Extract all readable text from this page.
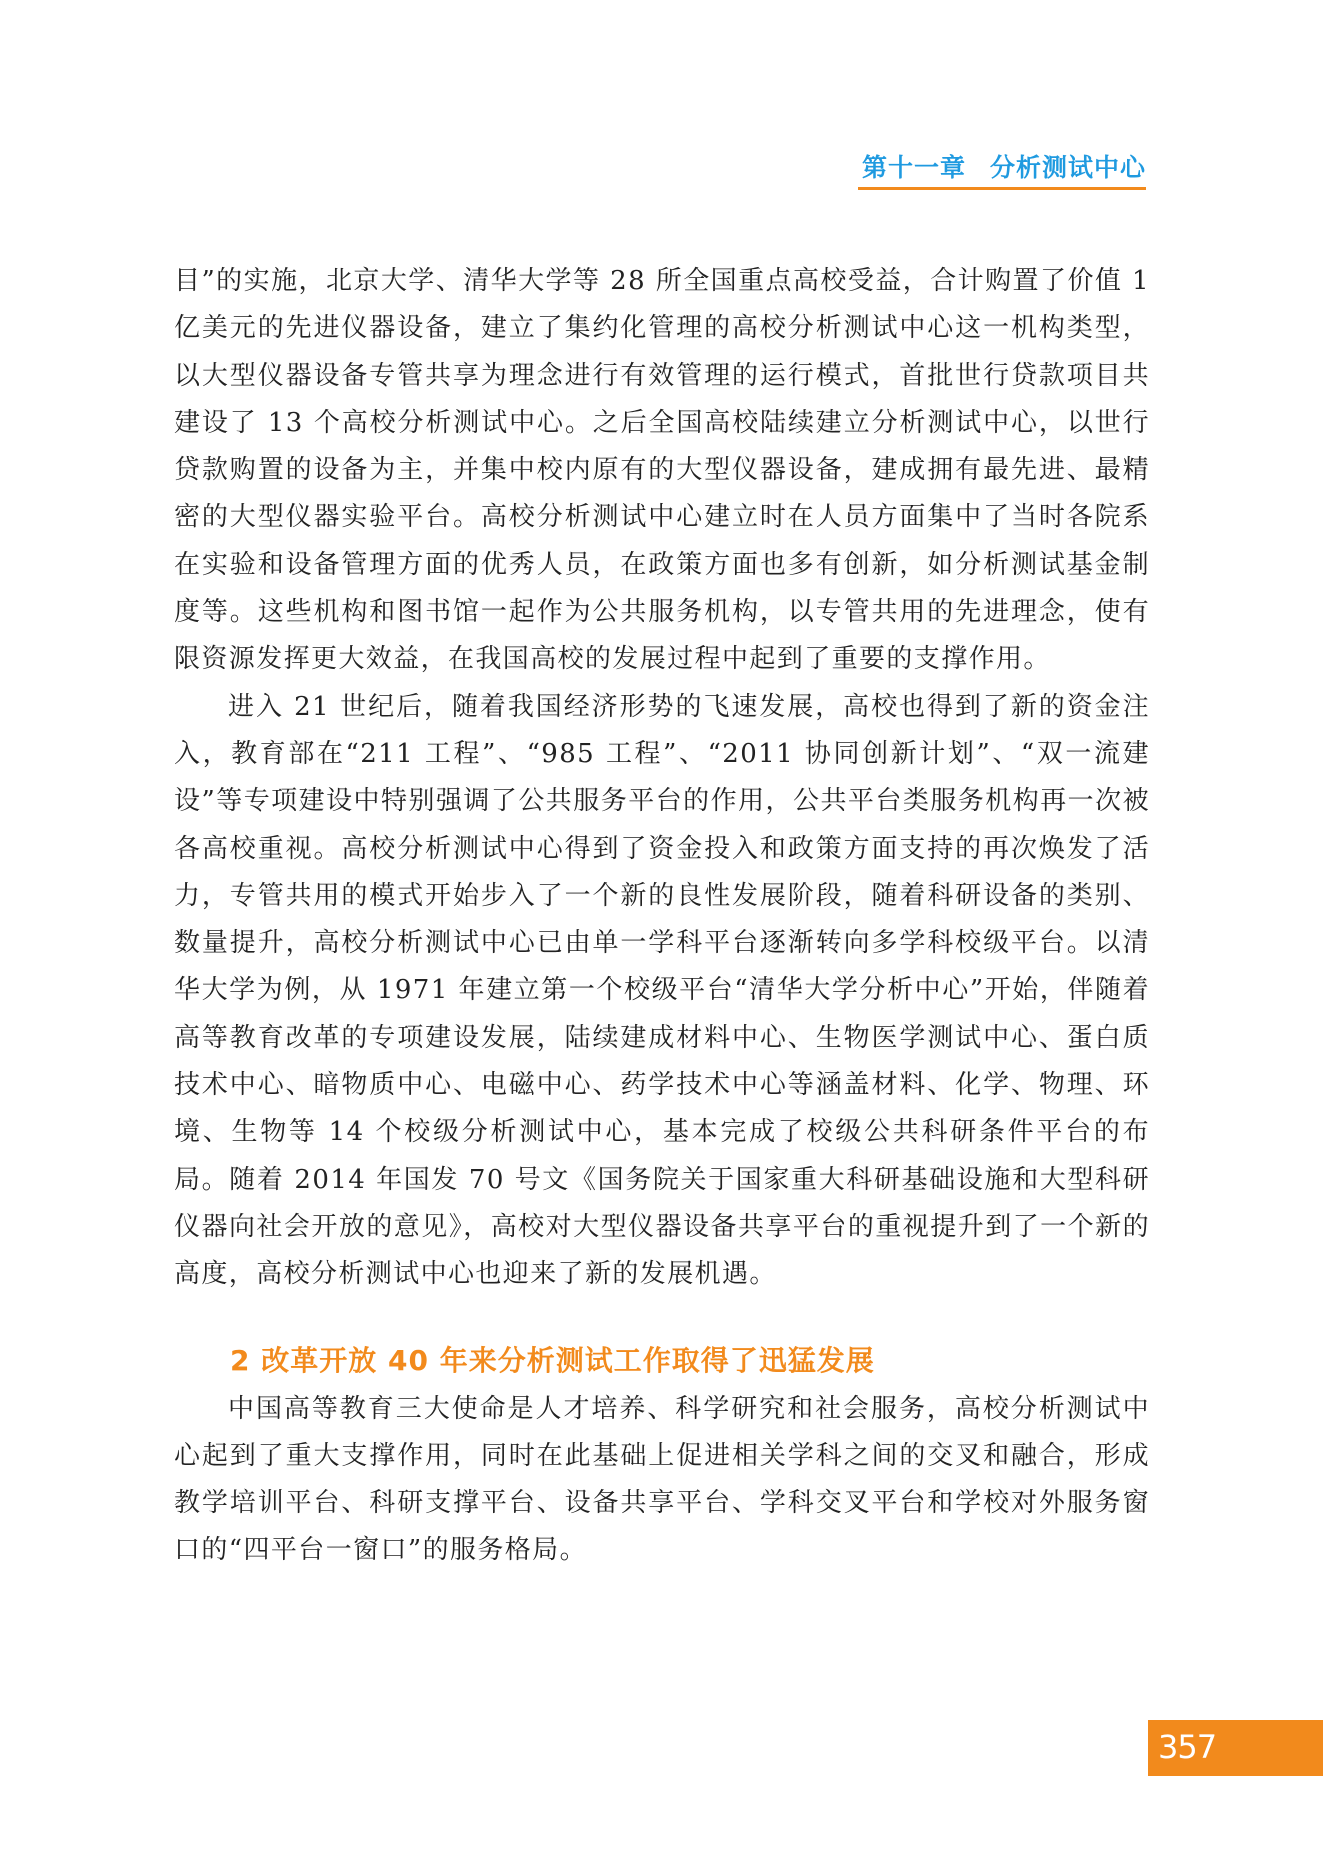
第十一章 分析测试中心

目”的实施，北京大学、清华大学等 28 所全国重点高校受益，合计购置了价值 1 亿美元的先进仪器设备，建立了集约化管理的高校分析测试中心这一机构类型，以大型仪器设备专管共享为理念进行有效管理的运行模式，首批世行贷款项目共建设了 13 个高校分析测试中心。之后全国高校陆续建立分析测试中心，以世行贷款购置的设备为主，并集中校内原有的大型仪器设备，建成拥有最先进、最精密的大型仪器实验平台。高校分析测试中心建立时在人员方面集中了当时各院系在实验和设备管理方面的优秀人员，在政策方面也多有创新，如分析测试基金制度等。这些机构和图书馆一起作为公共服务机构，以专管共用的先进理念，使有限资源发挥更大效益，在我国高校的发展过程中起到了重要的支撑作用。

进入 21 世纪后，随着我国经济形势的飞速发展，高校也得到了新的资金注入，教育部在“211 工程”、“985 工程”、“2011 协同创新计划”、“双一流建设”等专项建设中特别强调了公共服务平台的作用，公共平台类服务机构再一次被各高校重视。高校分析测试中心得到了资金投入和政策方面支持的再次焕发了活力，专管共用的模式开始步入了一个新的良性发展阶段，随着科研设备的类别、数量提升，高校分析测试中心已由单一学科平台逐渐转向多学科校级平台。以清华大学为例，从 1971 年建立第一个校级平台“清华大学分析中心”开始，伴随着高等教育改革的专项建设发展，陆续建成材料中心、生物医学测试中心、蛋白质技术中心、暗物质中心、电磁中心、药学技术中心等涵盖材料、化学、物理、环境、生物等 14 个校级分析测试中心，基本完成了校级公共科研条件平台的布局。随着 2014 年国发 70 号文《国务院关于国家重大科研基础设施和大型科研仪器向社会开放的意见》，高校对大型仪器设备共享平台的重视提升到了一个新的高度，高校分析测试中心也迎来了新的发展机遇。

2 改革开放 40 年来分析测试工作取得了迅猛发展

中国高等教育三大使命是人才培养、科学研究和社会服务，高校分析测试中心起到了重大支撑作用，同时在此基础上促进相关学科之间的交叉和融合，形成教学培训平台、科研支撑平台、设备共享平台、学科交叉平台和学校对外服务窗口的“四平台一窗口”的服务格局。

357
